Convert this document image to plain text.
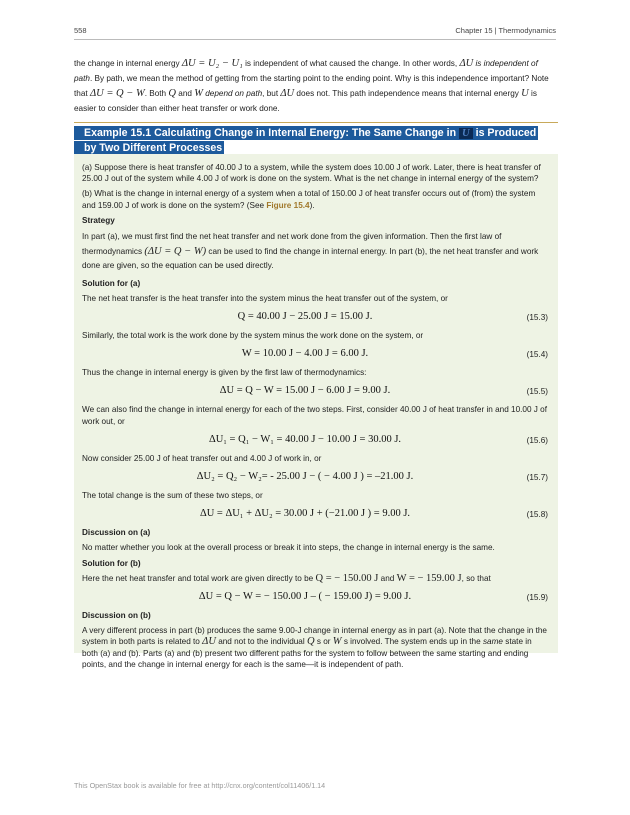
558	Chapter 15 | Thermodynamics
the change in internal energy ΔU = U₂ − U₁ is independent of what caused the change. In other words, ΔU is independent of path. By path, we mean the method of getting from the starting point to the ending point. Why is this independence important? Note that ΔU = Q − W. Both Q and W depend on path, but ΔU does not. This path independence means that internal energy U is easier to consider than either heat transfer or work done.
Example 15.1 Calculating Change in Internal Energy: The Same Change in U is Produced by Two Different Processes

(a) Suppose there is heat transfer of 40.00 J to a system, while the system does 10.00 J of work. Later, there is heat transfer of 25.00 J out of the system while 4.00 J of work is done on the system. What is the net change in internal energy of the system?

(b) What is the change in internal energy of a system when a total of 150.00 J of heat transfer occurs out of (from) the system and 159.00 J of work is done on the system? (See Figure 15.4).

Strategy

In part (a), we must first find the net heat transfer and net work done from the given information. Then the first law of thermodynamics (ΔU = Q − W) can be used to find the change in internal energy. In part (b), the net heat transfer and work done are given, so the equation can be used directly.

Solution for (a)

The net heat transfer is the heat transfer into the system minus the heat transfer out of the system, or

Q = 40.00 J − 25.00 J = 15.00 J.	(15.3)

Similarly, the total work is the work done by the system minus the work done on the system, or

W = 10.00 J − 4.00 J = 6.00 J.	(15.4)

Thus the change in internal energy is given by the first law of thermodynamics:

ΔU = Q − W = 15.00 J − 6.00 J = 9.00 J.	(15.5)

We can also find the change in internal energy for each of the two steps. First, consider 40.00 J of heat transfer in and 10.00 J of work out, or

ΔU₁ = Q₁ − W₁ = 40.00 J − 10.00 J = 30.00 J.	(15.6)

Now consider 25.00 J of heat transfer out and 4.00 J of work in, or

ΔU₂ = Q₂ − W₂= - 25.00 J − ( − 4.00 J ) = –21.00 J.	(15.7)

The total change is the sum of these two steps, or

ΔU = ΔU₁ + ΔU₂ = 30.00 J + (−21.00 J ) = 9.00 J.	(15.8)
Discussion on (a)

No matter whether you look at the overall process or break it into steps, the change in internal energy is the same.

Solution for (b)

Here the net heat transfer and total work are given directly to be Q = − 150.00 J and W = − 159.00 J, so that

ΔU = Q − W = − 150.00 J – ( − 159.00 J) = 9.00 J.	(15.9)
Discussion on (b)

A very different process in part (b) produces the same 9.00-J change in internal energy as in part (a). Note that the change in the system in both parts is related to ΔU and not to the individual Q s or W s involved. The system ends up in the same state in both (a) and (b). Parts (a) and (b) present two different paths for the system to follow between the same starting and ending points, and the change in internal energy for each is the same—it is independent of path.

This OpenStax book is available for free at http://cnx.org/content/col11406/1.14
